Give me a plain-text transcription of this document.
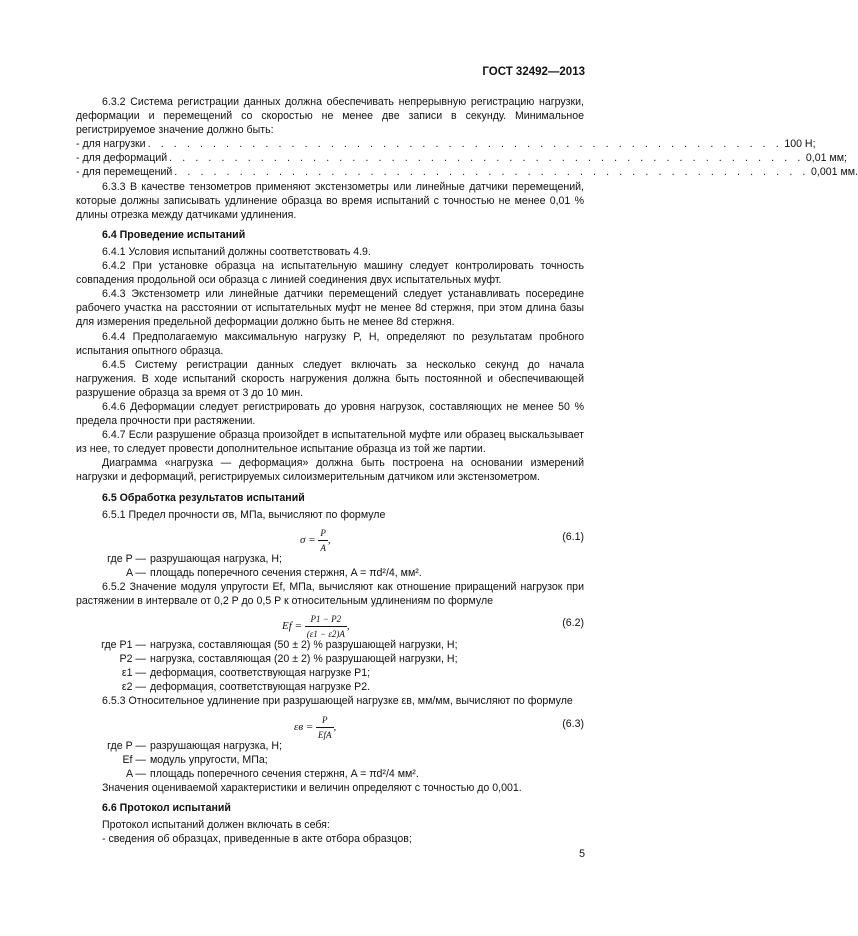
ГОСТ 32492—2013

6.3.2 Система регистрации данных должна обеспечивать непрерывную регистрацию нагрузки, деформации и перемещений со скоростью не менее две записи в секунду. Минимальное регистрируемое значение должно быть:

- для нагрузки . . . . . . . . . . . . . . . . . . . . . . . . . . . . . . . . . . . . . . . . . . . . . . . . . 100 Н;
- для деформаций . . . . . . . . . . . . . . . . . . . . . . . . . . . . . . . . . . . . . . . . . . . . . . . . . 0,01 мм;
- для перемещений . . . . . . . . . . . . . . . . . . . . . . . . . . . . . . . . . . . . . . . . . . . . . . . . . 0,001 мм.

6.3.3 В качестве тензометров применяют экстензометры или линейные датчики перемещений, которые должны записывать удлинение образца во время испытаний с точностью не менее 0,01 % длины отрезка между датчиками удлинения.

6.4 Проведение испытаний

6.4.1 Условия испытаний должны соответствовать 4.9.

6.4.2 При установке образца на испытательную машину следует контролировать точность совпадения продольной оси образца с линией соединения двух испытательных муфт.

6.4.3 Экстензометр или линейные датчики перемещений следует устанавливать посередине рабочего участка на расстоянии от испытательных муфт не менее 8d стержня, при этом длина базы для измерения предельной деформации должно быть не менее 8d стержня.

6.4.4 Предполагаемую максимальную нагрузку P, Н, определяют по результатам пробного испытания опытного образца.

6.4.5 Систему регистрации данных следует включать за несколько секунд до начала нагружения. В ходе испытаний скорость нагружения должна быть постоянной и обеспечивающей разрушение образца за время от 3 до 10 мин.

6.4.6 Деформации следует регистрировать до уровня нагрузок, составляющих не менее 50 % предела прочности при растяжении.

6.4.7 Если разрушение образца произойдет в испытательной муфте или образец выскальзывает из нее, то следует провести дополнительное испытание образца из той же партии.

Диаграмма «нагрузка — деформация» должна быть построена на основании измерений нагрузки и деформаций, регистрируемых силоизмерительным датчиком или экстензометром.

6.5 Обработка результатов испытаний

6.5.1 Предел прочности σв, МПа, вычисляют по формуле

$\sigma = \frac{P}{A}$ ,	(6.1)
где P — разрушающая нагрузка, Н;
A — площадь поперечного сечения стержня, A = πd²/4, мм².

6.5.2 Значение модуля упругости Ef, МПа, вычисляют как отношение приращений нагрузок при растяжении в интервале от 0,2 P до 0,5 P к относительным удлинениям по формуле

$Ef = \frac{P1 - P2}{(\varepsilon 1 - \varepsilon 2)A}$ ,	(6.2)
где P1 — нагрузка, составляющая (50 ± 2) % разрушающей нагрузки, Н;
P2 — нагрузка, составляющая (20 ± 2) % разрушающей нагрузки, Н;
ε1 — деформация, соответствующая нагрузке P1;
ε2 — деформация, соответствующая нагрузке P2.

6.5.3 Относительное удлинение при разрушающей нагрузке εв, мм/мм, вычисляют по формуле

$\varepsilon в = \frac{P}{\text{EfA}}$ ,	(6.3)
где P — разрушающая нагрузка, Н;
Ef — модуль упругости, МПа;
A — площадь поперечного сечения стержня, A = πd²/4 мм².

Значения оцениваемой характеристики и величин определяют с точностью до 0,001.

6.6 Протокол испытаний

Протокол испытаний должен включать в себя:

- сведения об образцах, приведенные в акте отбора образцов;

5
